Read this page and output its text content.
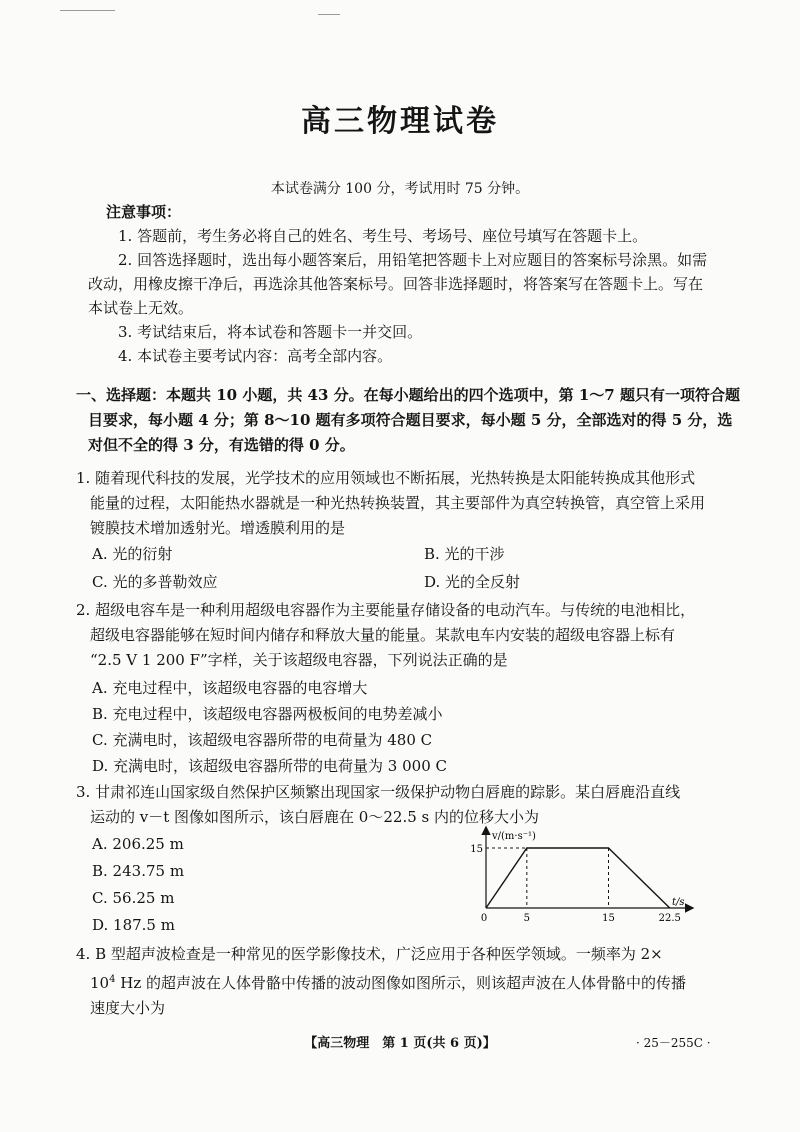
高三物理试卷
本试卷满分 100 分，考试用时 75 分钟。
注意事项：

1. 答题前，考生务必将自己的姓名、考生号、考场号、座位号填写在答题卡上。

2. 回答选择题时，选出每小题答案后，用铅笔把答题卡上对应题目的答案标号涂黑。如需改动，用橡皮擦干净后，再选涂其他答案标号。回答非选择题时，将答案写在答题卡上。写在本试卷上无效。

3. 考试结束后，将本试卷和答题卡一并交回。

4. 本试卷主要考试内容：高考全部内容。

一、选择题：本题共 10 小题，共 43 分。在每小题给出的四个选项中，第 1～7 题只有一项符合题
目要求，每小题 4 分；第 8～10 题有多项符合题目要求，每小题 5 分，全部选对的得 5 分，选
对但不全的得 3 分，有选错的得 0 分。
1. 随着现代科技的发展，光学技术的应用领域也不断拓展，光热转换是太阳能转换成其他形式
能量的过程，太阳能热水器就是一种光热转换装置，其主要部件为真空转换管，真空管上采用
镀膜技术增加透射光。增透膜利用的是
A. 光的衍射	B. 光的干涉
C. 光的多普勒效应	D. 光的全反射
2. 超级电容车是一种利用超级电容器作为主要能量存储设备的电动汽车。与传统的电池相比，
超级电容器能够在短时间内储存和释放大量的能量。某款电车内安装的超级电容器上标有
“2.5 V 1 200 F”字样，关于该超级电容器，下列说法正确的是
A. 充电过程中，该超级电容器的电容增大
B. 充电过程中，该超级电容器两极板间的电势差减小
C. 充满电时，该超级电容器所带的电荷量为 480 C
D. 充满电时，该超级电容器所带的电荷量为 3 000 C
3. 甘肃祁连山国家级自然保护区频繁出现国家一级保护动物白唇鹿的踪影。某白唇鹿沿直线
运动的 v－t 图像如图所示，该白唇鹿在 0～22.5 s 内的位移大小为
A. 206.25 m
B. 243.75 m
C. 56.25 m
D. 187.5 m
v/(m·s⁻¹)
t/s
15
0	5	15	22.5
4. B 型超声波检查是一种常见的医学影像技术，广泛应用于各种医学领域。一频率为 2×
$10^4$ Hz 的超声波在人体骨骼中传播的波动图像如图所示，则该超声波在人体骨骼中的传播
速度大小为
【高三物理　第 1 页(共 6 页)】	· 25－255C ·
